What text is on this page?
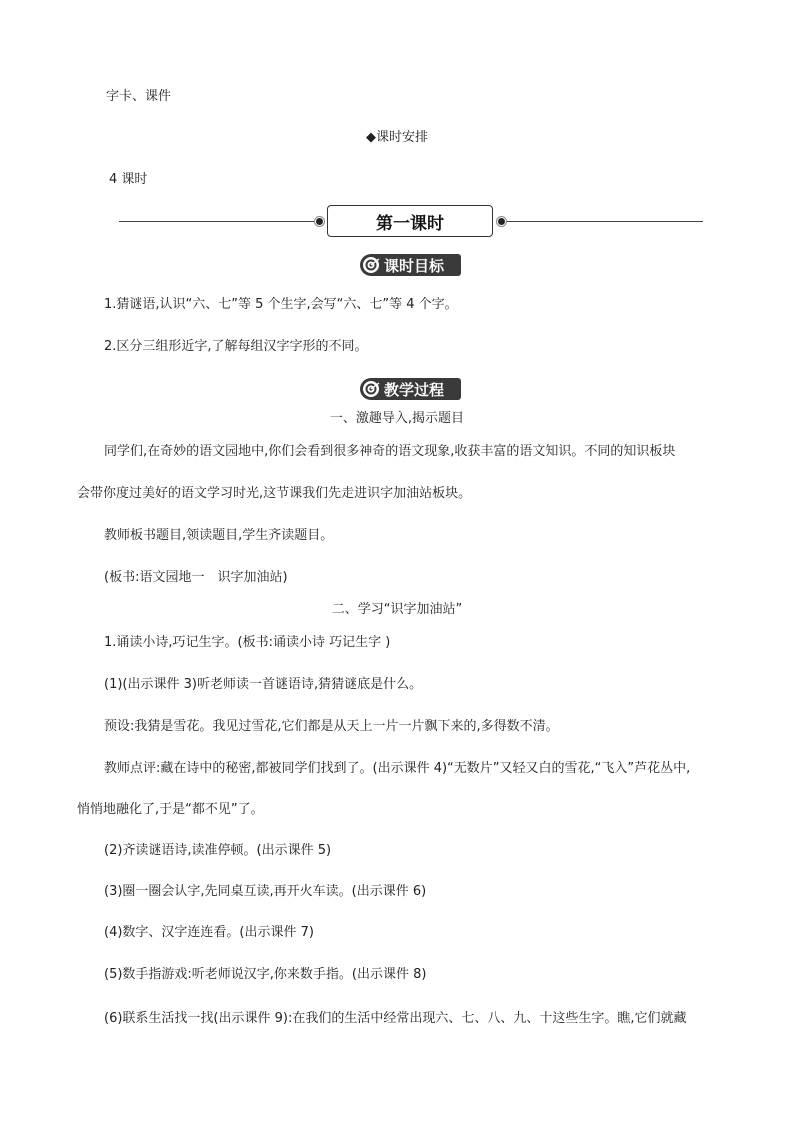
字卡、课件
◆课时安排
4 课时
第一课时
课时目标
1.猜谜语,认识“六、七”等 5 个生字,会写“六、七”等 4 个字。
2.区分三组形近字,了解每组汉字字形的不同。
教学过程
一、激趣导入,揭示题目
同学们,在奇妙的语文园地中,你们会看到很多神奇的语文现象,收获丰富的语文知识。不同的知识板块
会带你度过美好的语文学习时光,这节课我们先走进识字加油站板块。
教师板书题目,领读题目,学生齐读题目。
(板书:语文园地一　识字加油站)
二、学习“识字加油站”
1.诵读小诗,巧记生字。(板书:诵读小诗 巧记生字 )
(1)(出示课件 3)听老师读一首谜语诗,猜猜谜底是什么。
预设:我猜是雪花。我见过雪花,它们都是从天上一片一片飘下来的,多得数不清。
教师点评:藏在诗中的秘密,都被同学们找到了。(出示课件 4)“无数片”又轻又白的雪花,“飞入”芦花丛中,
悄悄地融化了,于是“都不见”了。
(2)齐读谜语诗,读准停顿。(出示课件 5)
(3)圈一圈会认字,先同桌互读,再开火车读。(出示课件 6)
(4)数字、汉字连连看。(出示课件 7)
(5)数手指游戏:听老师说汉字,你来数手指。(出示课件 8)
(6)联系生活找一找(出示课件 9):在我们的生活中经常出现六、七、八、九、十这些生字。瞧,它们就藏
